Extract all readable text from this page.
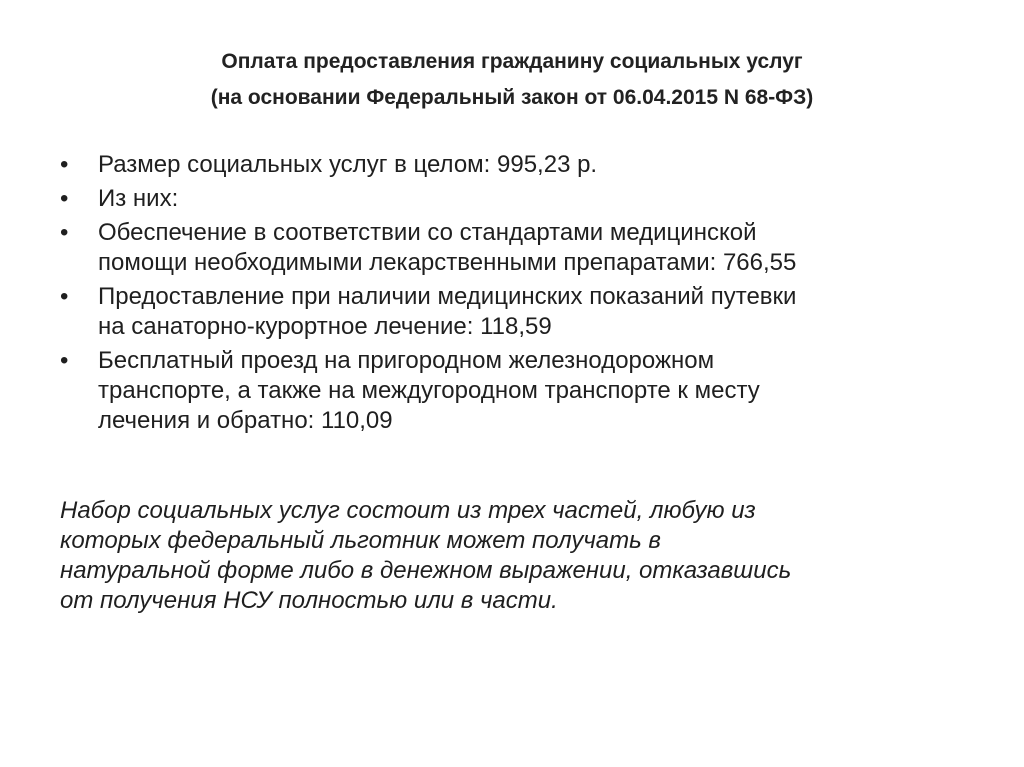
Оплата предоставления гражданину социальных услуг
(на основании Федеральный закон от 06.04.2015 N 68-ФЗ)
•	Размер социальных услуг в целом: 995,23 р.
•	Из них:
•	Обеспечение в соответствии со стандартами медицинской
помощи необходимыми лекарственными препаратами: 766,55
•	Предоставление при наличии медицинских показаний путевки
на санаторно-курортное лечение: 118,59
•	Бесплатный проезд на пригородном железнодорожном
транспорте, а также на междугородном транспорте к месту
лечения и обратно: 110,09
Набор социальных услуг состоит из трех частей, любую из
которых федеральный льготник может получать в
натуральной форме либо в денежном выражении, отказавшись
от получения НСУ полностью или в части.
